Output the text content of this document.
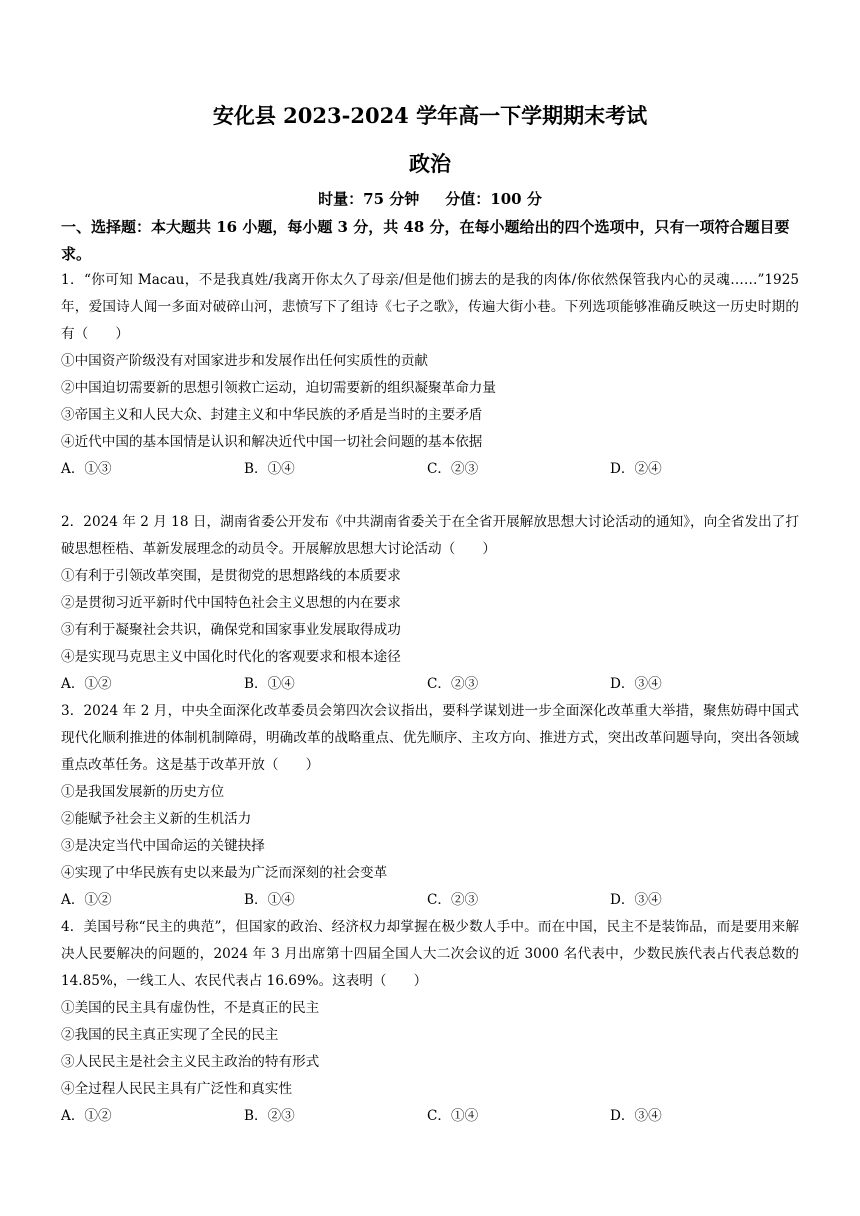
安化县 2023-2024 学年高一下学期期末考试
政治
时量：75 分钟 分值：100 分
一、选择题：本大题共 16 小题，每小题 3 分，共 48 分，在每小题给出的四个选项中，只有一项符合题目要求。

1．“你可知 Macau，不是我真姓/我离开你太久了母亲/但是他们掳去的是我的肉体/你依然保管我内心的灵魂……”1925 年，爱国诗人闻一多面对破碎山河，悲愤写下了组诗《七子之歌》，传遍大街小巷。下列选项能够准确反映这一历史时期的有（　　）

①中国资产阶级没有对国家进步和发展作出任何实质性的贡献

②中国迫切需要新的思想引领救亡运动，迫切需要新的组织凝聚革命力量

③帝国主义和人民大众、封建主义和中华民族的矛盾是当时的主要矛盾

④近代中国的基本国情是认识和解决近代中国一切社会问题的基本依据

A．①③	B．①④	C．②③	D．②④

2．2024 年 2 月 18 日，湖南省委公开发布《中共湖南省委关于在全省开展解放思想大讨论活动的通知》，向全省发出了打破思想桎梏、革新发展理念的动员令。开展解放思想大讨论活动（　　）

①有利于引领改革突围，是贯彻党的思想路线的本质要求

②是贯彻习近平新时代中国特色社会主义思想的内在要求

③有利于凝聚社会共识，确保党和国家事业发展取得成功

④是实现马克思主义中国化时代化的客观要求和根本途径

A．①②	B．①④	C．②③	D．③④

3．2024 年 2 月，中央全面深化改革委员会第四次会议指出，要科学谋划进一步全面深化改革重大举措，聚焦妨碍中国式现代化顺利推进的体制机制障碍，明确改革的战略重点、优先顺序、主攻方向、推进方式，突出改革问题导向，突出各领域重点改革任务。这是基于改革开放（　　）

①是我国发展新的历史方位

②能赋予社会主义新的生机活力

③是决定当代中国命运的关键抉择

④实现了中华民族有史以来最为广泛而深刻的社会变革

A．①②	B．①④	C．②③	D．③④

4．美国号称“民主的典范”，但国家的政治、经济权力却掌握在极少数人手中。而在中国，民主不是装饰品，而是要用来解决人民要解决的问题的，2024 年 3 月出席第十四届全国人大二次会议的近 3000 名代表中，少数民族代表占代表总数的 14.85%，一线工人、农民代表占 16.69%。这表明（　　）

①美国的民主具有虚伪性，不是真正的民主

②我国的民主真正实现了全民的民主

③人民民主是社会主义民主政治的特有形式

④全过程人民民主具有广泛性和真实性

A．①②	B．②③	C．①④	D．③④
